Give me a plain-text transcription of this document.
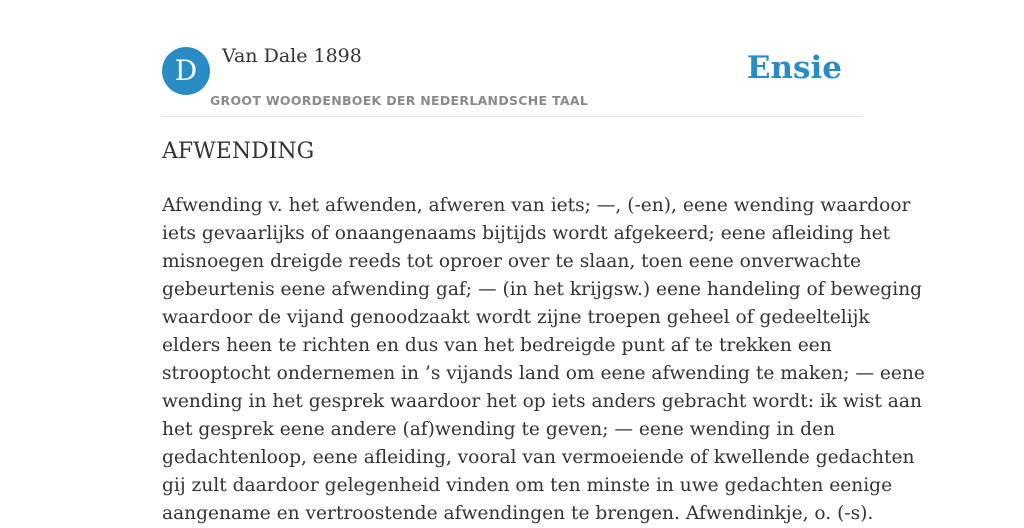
D	Van Dale 1898
GROOT WOORDENBOEK DER NEDERLANDSCHE TAAL
Ensie
AFWENDING

Afwending v. het afwenden, afweren van iets; —, (-en), eene wending waardoor
iets gevaarlijks of onaangenaams bijtijds wordt afgekeerd; eene afleiding het
misnoegen dreigde reeds tot oproer over te slaan, toen eene onverwachte
gebeurtenis eene afwending gaf; — (in het krijgsw.) eene handeling of beweging
waardoor de vijand genoodzaakt wordt zijne troepen geheel of gedeeltelijk
elders heen te richten en dus van het bedreigde punt af te trekken een
strooptocht ondernemen in ’s vijands land om eene afwending te maken; — eene
wending in het gesprek waardoor het op iets anders gebracht wordt: ik wist aan
het gesprek eene andere (af)wending te geven; — eene wending in den
gedachtenloop, eene afleiding, vooral van vermoeiende of kwellende gedachten
gij zult daardoor gelegenheid vinden om ten minste in uwe gedachten eenige
aangename en vertroostende afwendingen te brengen. Afwendinkje, o. (-s).
